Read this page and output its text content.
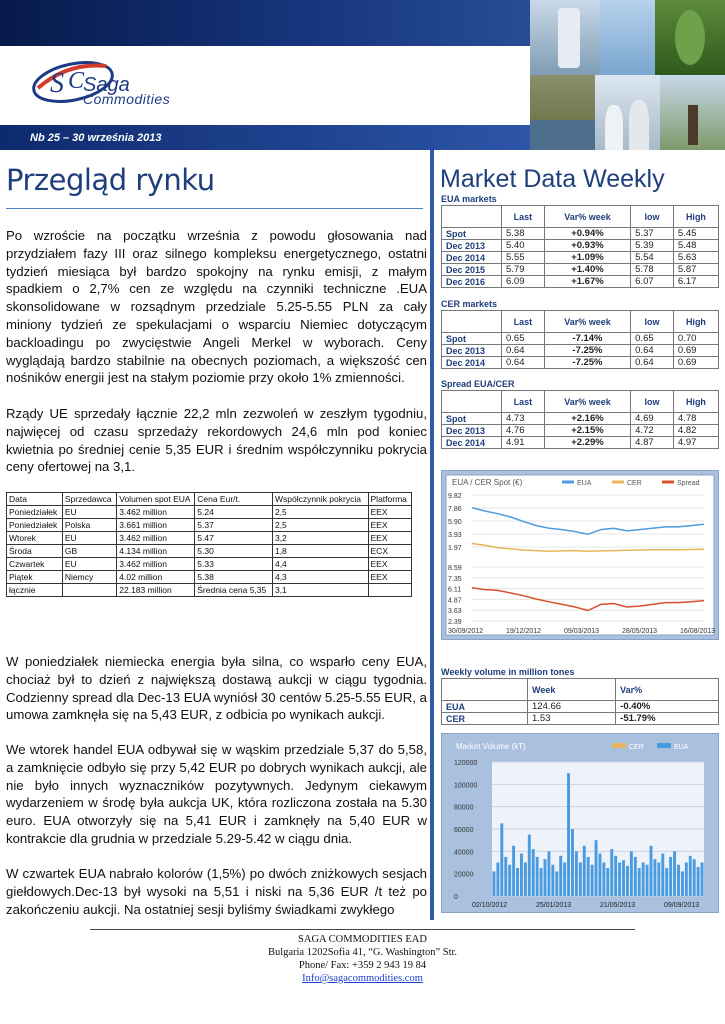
S C
Saga
Commodities
Nb 25 – 30 września 2013
Przegląd rynku
Po wzroście na początku września z powodu głosowania nad przydziałem fazy III oraz silnego kompleksu energetycznego, ostatni tydzień miesiąca był bardzo spokojny na rynku emisji, z małym spadkiem o 2,7% cen ze względu na czynniki techniczne .EUA skonsolidowane w rozsądnym przedziale 5.25-5.55 PLN za cały miniony tydzień ze spekulacjami o wsparciu Niemiec dotyczącym backloadingu po zwycięstwie Angeli Merkel w wyborach. Ceny wyglądają bardzo stabilnie na obecnych poziomach, a większość cen nośników energii jest na stałym poziomie przy około 1% zmienności.
Rządy UE sprzedały łącznie 22,2 mln zezwoleń w zeszłym tygodniu, najwięcej od czasu sprzedaży rekordowych 24,6 mln pod koniec kwietnia po średniej cenie 5,35 EUR i średnim współczynniku pokrycia ceny ofertowej na 3,1.
Data	Sprzedawca	Volumen spot EUA	Cena Eur/t.	Współczynnik pokrycia	Platforma
Poniedziałek	EU	3.462 million	5.24	2,5	EEX
Poniedziałek	Polska	3.661 million	5.37	2,5	EEX
Wtorek	EU	3.462 million	5.47	3,2	EEX
Środa	GB	4.134 million	5.30	1,8	ECX
Czwartek	EU	3.462 million	5.33	4,4	EEX
Piątek	Niemcy	4.02 million	5.38	4,3	EEX
łącznie		22.183 million	Średnia cena 5,35	3,1	
W poniedziałek niemiecka energia była silna, co wsparło ceny EUA, chociaż był to dzień z największą dostawą aukcji w ciągu tygodnia. Codzienny spread dla Dec-13 EUA wyniósł 30 centów 5.25-5.55 EUR, a umowa zamknęła się na 5,43 EUR, z odbicia po wynikach aukcji.
We wtorek handel EUA odbywał się w wąskim przedziale 5,37 do 5,58, a zamknięcie odbyło się przy 5,42 EUR po dobrych wynikach aukcji, ale nie było innych wyznaczników pozytywnych. Jedynym ciekawym wydarzeniem w środę była aukcja UK, która rozliczona została na 5.30 euro. EUA otworzyły się na 5,41 EUR i zamknęły na 5,40 EUR w kontrakcie dla grudnia w przedziale 5.29-5.42 w ciągu dnia.
W czwartek EUA nabrało kolorów (1,5%) po dwóch zniżkowych sesjach giełdowych.Dec-13 był wysoki na 5,51 i niski na 5,36 EUR /t też po zakończeniu aukcji. Na ostatniej sesji byliśmy świadkami zwykłego
Market Data Weekly
EUA markets
	Last	Var% week	low	High
Spot	5.38	+0.94%	5.37	5.45
Dec 2013	5.40	+0.93%	5.39	5.48
Dec 2014	5.55	+1.09%	5.54	5.63
Dec 2015	5.79	+1.40%	5.78	5.87
Dec 2016	6.09	+1.67%	6.07	6.17
CER markets
	Last	Var% week	low	High
Spot	0.65	-7.14%	0.65	0.70
Dec 2013	0.64	-7.25%	0.64	0.69
Dec 2014	0.64	-7.25%	0.64	0.69
Spread EUA/CER
	Last	Var% week	low	High
Spot	4.73	+2.16%	4.69	4.78
Dec 2013	4.76	+2.15%	4.72	4.82
Dec 2014	4.91	+2.29%	4.87	4.97
EUA / CER Spot (€)	EUA	CER	Spread
9.82
7.86
5.90
3.93
1.97
8.59
7.35
6.11
4.87
3.63
2.39
30/09/2012	19/12/2012	09/03/2013	28/05/2013	16/08/2013
Weekly volume in million tones
	Week	Var%
EUA	124.66	-0.40%
CER	1.53	-51.79%
Market Volume (kT)	CER	EUA
120000
100000
80000
60000
40000
20000
0
02/10/2012	25/01/2013	21/05/2013	09/09/2013
SAGA COMMODITIES EAD
Bulgaria 1202Sofia 41, “G. Washington” Str.
Phone/ Fax: +359 2 943 19 84
Info@sagacommodities.com
